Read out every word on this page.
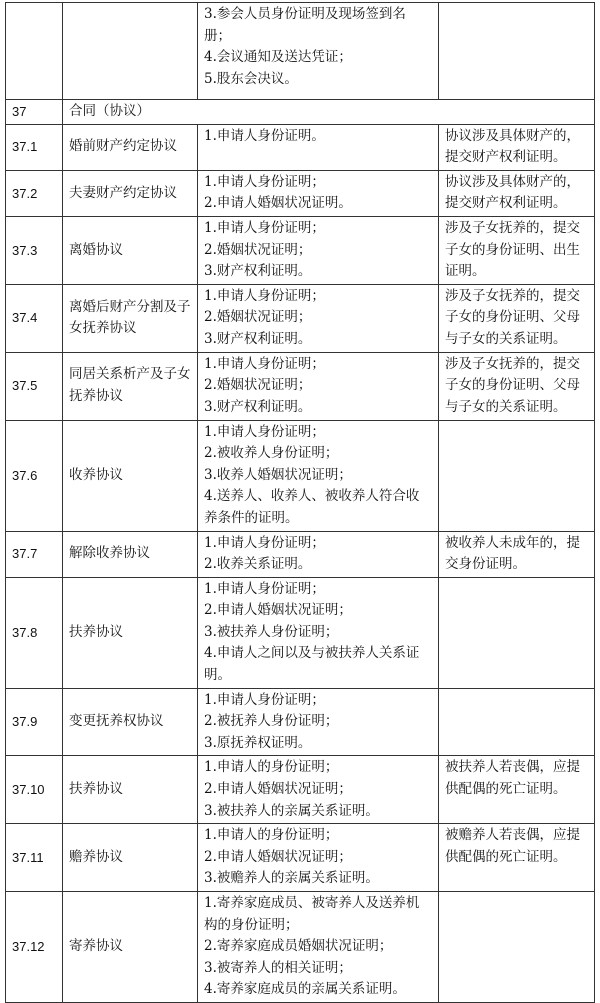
		3.参会人员身份证明及现场签到名册；
4.会议通知及送达凭证；
5.股东会决议。	

37	合同（协议）		
37.1	婚前财产约定协议	1.申请人身份证明。	协议涉及具体财产的，提交财产权利证明。
37.2	夫妻财产约定协议	1.申请人身份证明；
2.申请人婚姻状况证明。	协议涉及具体财产的，提交财产权利证明。
37.3	离婚协议	1.申请人身份证明；
2.婚姻状况证明；
3.财产权利证明。	涉及子女抚养的，提交子女的身份证明、出生证明。
37.4	离婚后财产分割及子女抚养协议	1.申请人身份证明；
2.婚姻状况证明；
3.财产权利证明。	涉及子女抚养的，提交子女的身份证明、父母与子女的关系证明。
37.5	同居关系析产及子女抚养协议	1.申请人身份证明；
2.婚姻状况证明；
3.财产权利证明。	涉及子女抚养的，提交子女的身份证明、父母与子女的关系证明。
37.6	收养协议	1.申请人身份证明；
2.被收养人身份证明；
3.收养人婚姻状况证明；
4.送养人、收养人、被收养人符合收养条件的证明。	

37.7	解除收养协议	1.申请人身份证明；
2.收养关系证明。	被收养人未成年的，提交身份证明。
37.8	扶养协议	1.申请人身份证明；
2.申请人婚姻状况证明；
3.被扶养人身份证明；
4.申请人之间以及与被扶养人关系证明。	

37.9	变更抚养权协议	1.申请人身份证明；
2.被抚养人身份证明；
3.原抚养权证明。	

37.10	扶养协议	1.申请人的身份证明；
2.申请人婚姻状况证明；
3.被扶养人的亲属关系证明。	被扶养人若丧偶，应提供配偶的死亡证明。
37.11	赡养协议	1.申请人的身份证明；
2.申请人婚姻状况证明；
3.被赡养人的亲属关系证明。	被赡养人若丧偶，应提供配偶的死亡证明。
37.12	寄养协议	1.寄养家庭成员、被寄养人及送养机构的身份证明；
2.寄养家庭成员婚姻状况证明；
3.被寄养人的相关证明；
4.寄养家庭成员的亲属关系证明。	
